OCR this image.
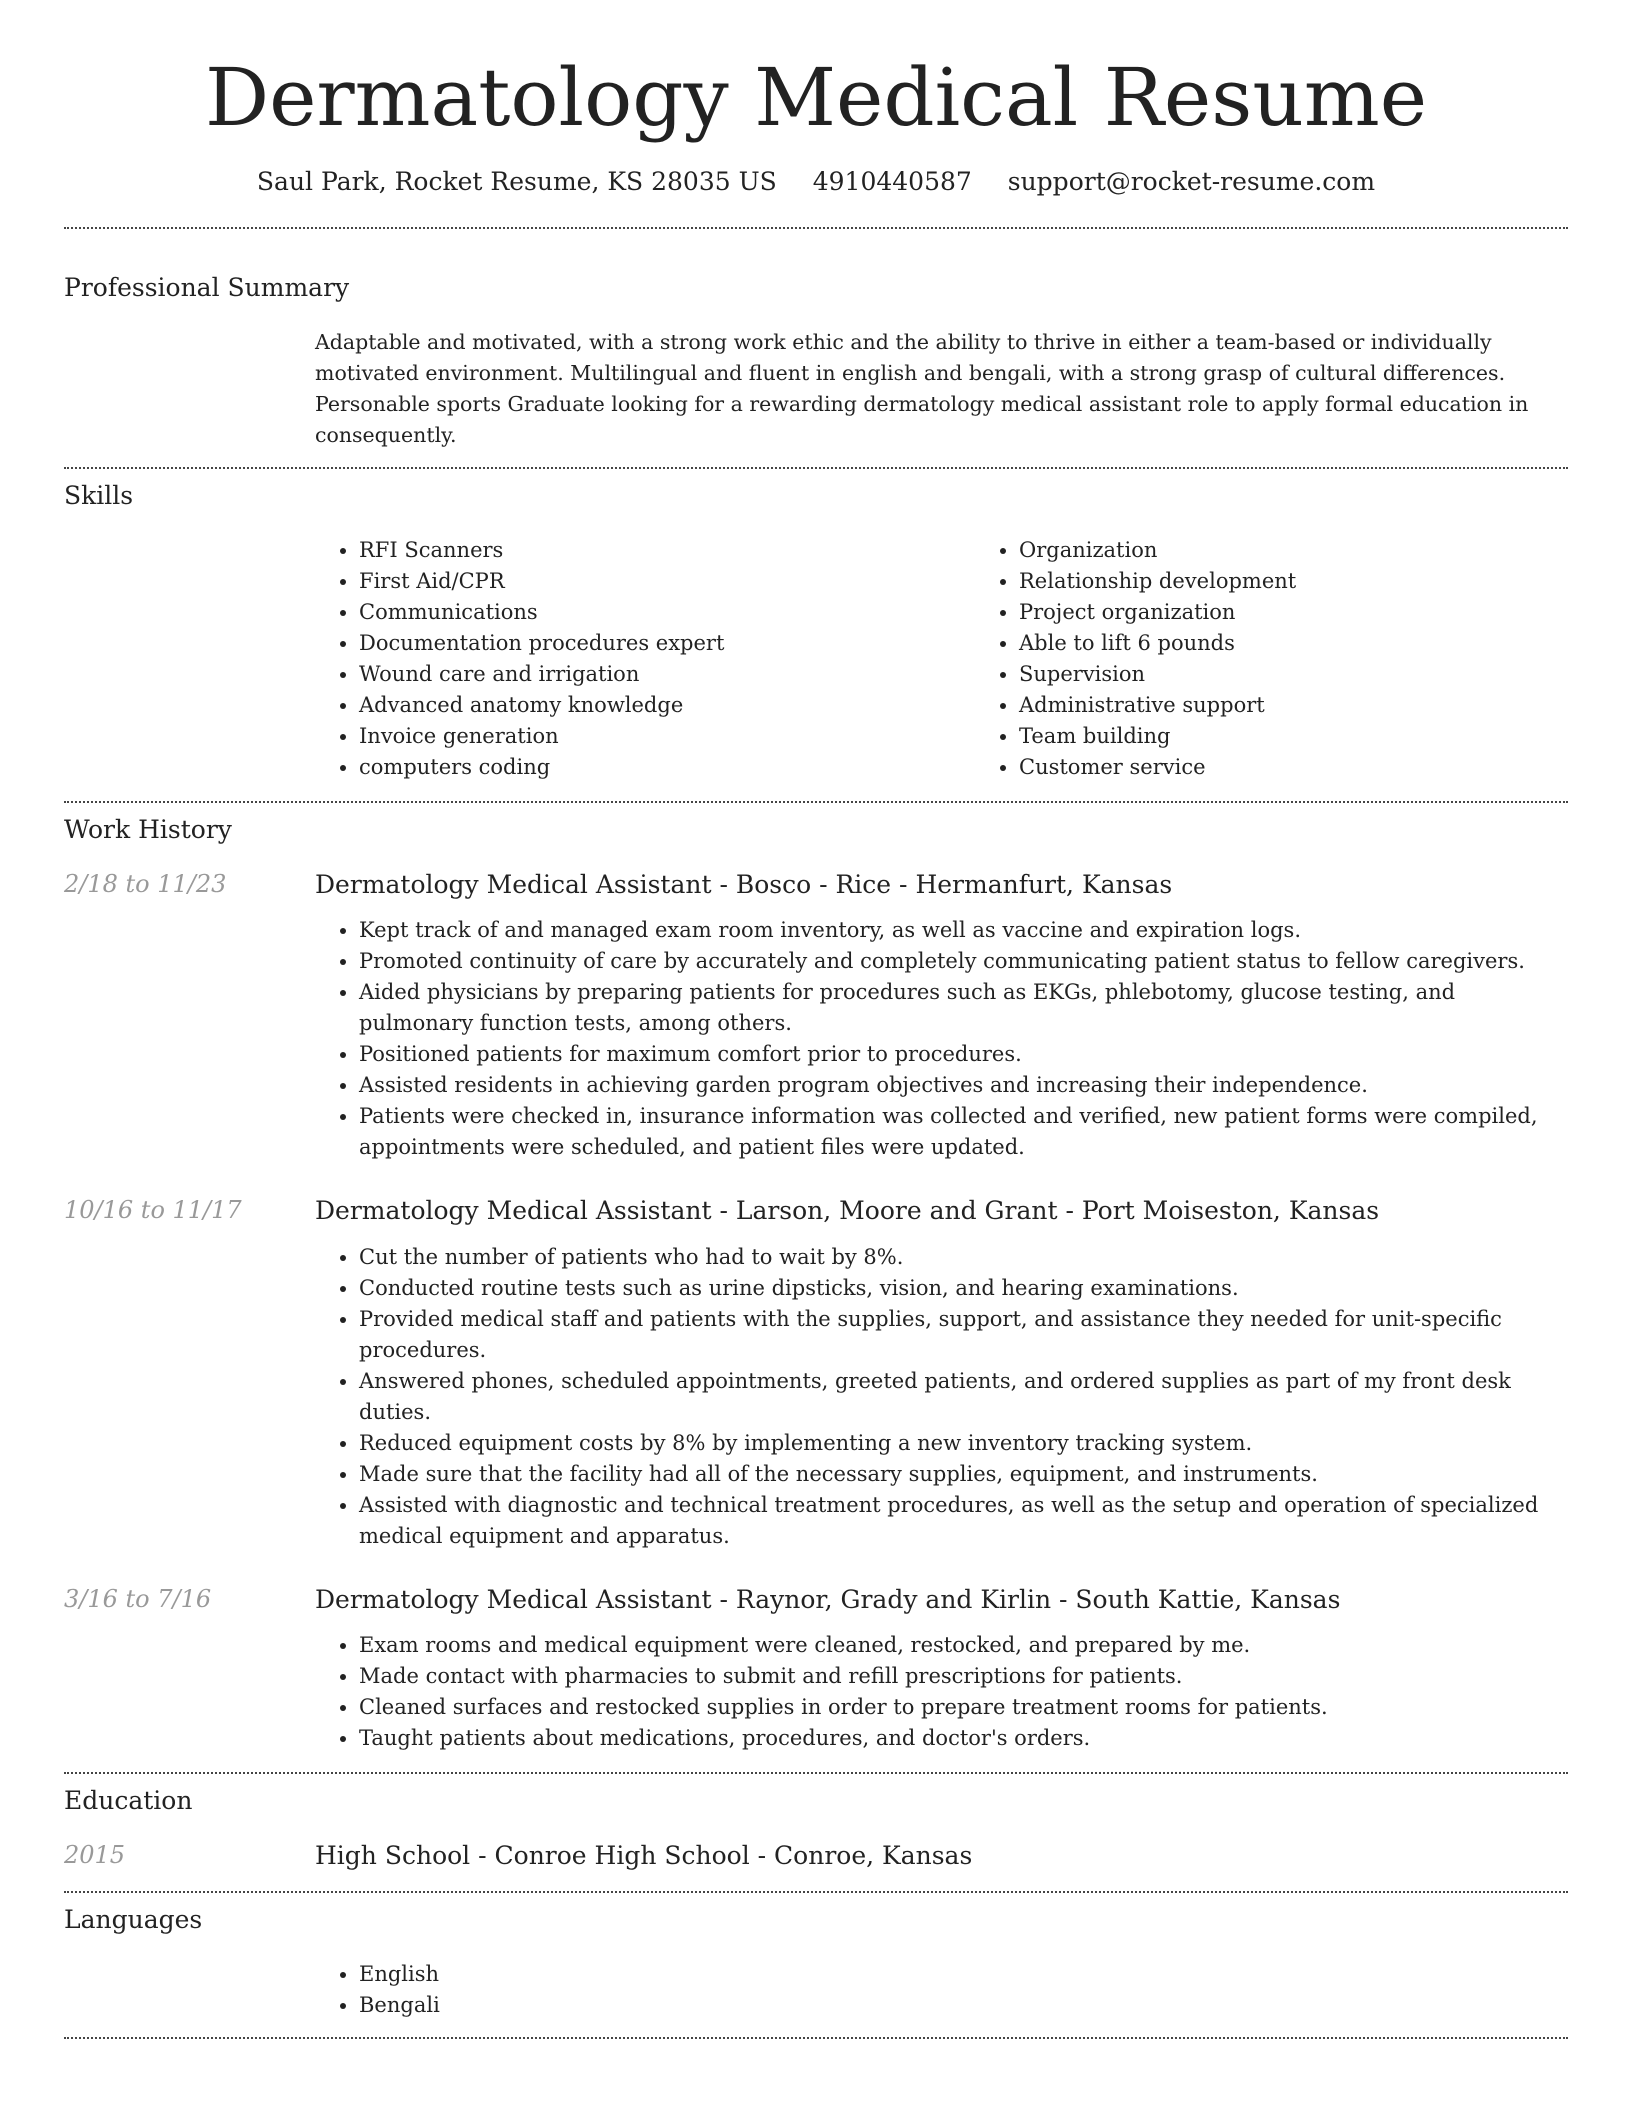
Dermatology Medical Resume
Saul Park, Rocket Resume, KS 28035 US 4910440587 support@rocket-resume.com
Professional Summary

Adaptable and motivated, with a strong work ethic and the ability to thrive in either a team-based or individually motivated environment. Multilingual and fluent in english and bengali, with a strong grasp of cultural differences. Personable sports Graduate looking for a rewarding dermatology medical assistant role to apply formal education in consequently.

Skills
• RFI Scanners
• First Aid/CPR
• Communications
• Documentation procedures expert
• Wound care and irrigation
• Advanced anatomy knowledge
• Invoice generation
• computers coding
• Organization
• Relationship development
• Project organization
• Able to lift 6 pounds
• Supervision
• Administrative support
• Team building
• Customer service
Work History
2/18 to 11/23	Dermatology Medical Assistant - Bosco - Rice - Hermanfurt, Kansas
• Kept track of and managed exam room inventory, as well as vaccine and expiration logs.
• Promoted continuity of care by accurately and completely communicating patient status to fellow caregivers.
• Aided physicians by preparing patients for procedures such as EKGs, phlebotomy, glucose testing, and pulmonary function tests, among others.
• Positioned patients for maximum comfort prior to procedures.
• Assisted residents in achieving garden program objectives and increasing their independence.
• Patients were checked in, insurance information was collected and verified, new patient forms were compiled, appointments were scheduled, and patient files were updated.
10/16 to 11/17	Dermatology Medical Assistant - Larson, Moore and Grant - Port Moiseston, Kansas
• Cut the number of patients who had to wait by 8%.
• Conducted routine tests such as urine dipsticks, vision, and hearing examinations.
• Provided medical staff and patients with the supplies, support, and assistance they needed for unit-specific procedures.
• Answered phones, scheduled appointments, greeted patients, and ordered supplies as part of my front desk duties.
• Reduced equipment costs by 8% by implementing a new inventory tracking system.
• Made sure that the facility had all of the necessary supplies, equipment, and instruments.
• Assisted with diagnostic and technical treatment procedures, as well as the setup and operation of specialized medical equipment and apparatus.
3/16 to 7/16	Dermatology Medical Assistant - Raynor, Grady and Kirlin - South Kattie, Kansas
• Exam rooms and medical equipment were cleaned, restocked, and prepared by me.
• Made contact with pharmacies to submit and refill prescriptions for patients.
• Cleaned surfaces and restocked supplies in order to prepare treatment rooms for patients.
• Taught patients about medications, procedures, and doctor's orders.
Education
2015	High School - Conroe High School - Conroe, Kansas
Languages
• English
• Bengali
